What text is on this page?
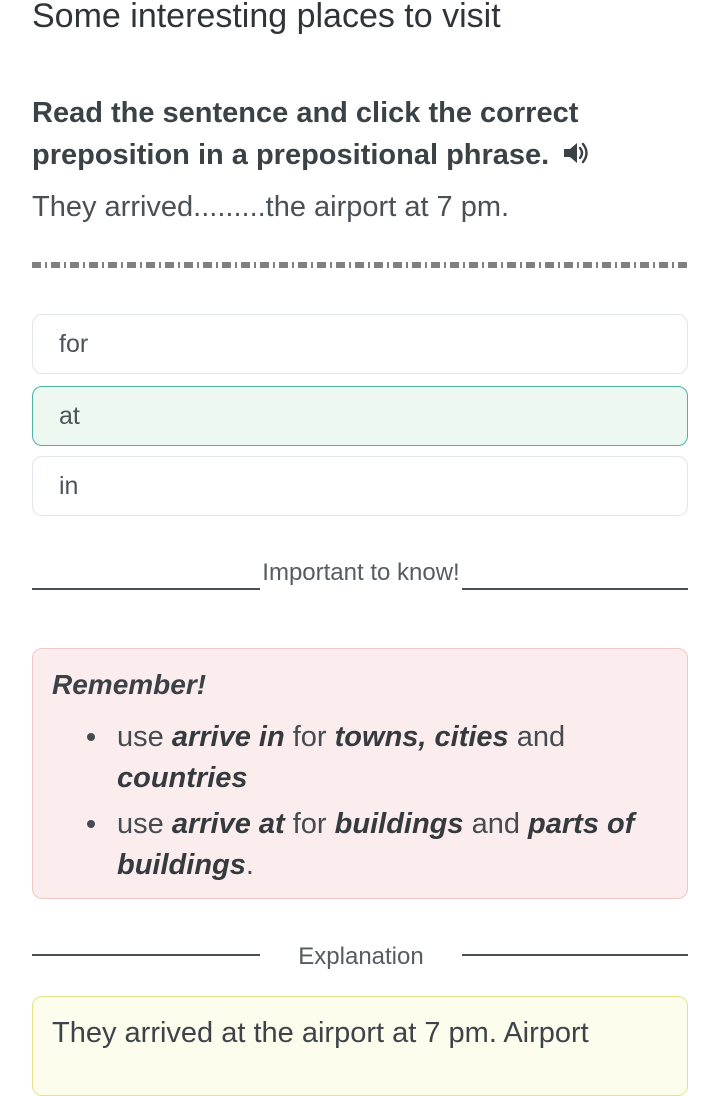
Some interesting places to visit
Read the sentence and click the correct preposition in a prepositional phrase.
They arrived.........the airport at 7 pm.
for
at
in
Important to know!
Remember!
use arrive in for towns, cities and countries
use arrive at for buildings and parts of buildings.
Explanation
They arrived at the airport at 7 pm. Airport
